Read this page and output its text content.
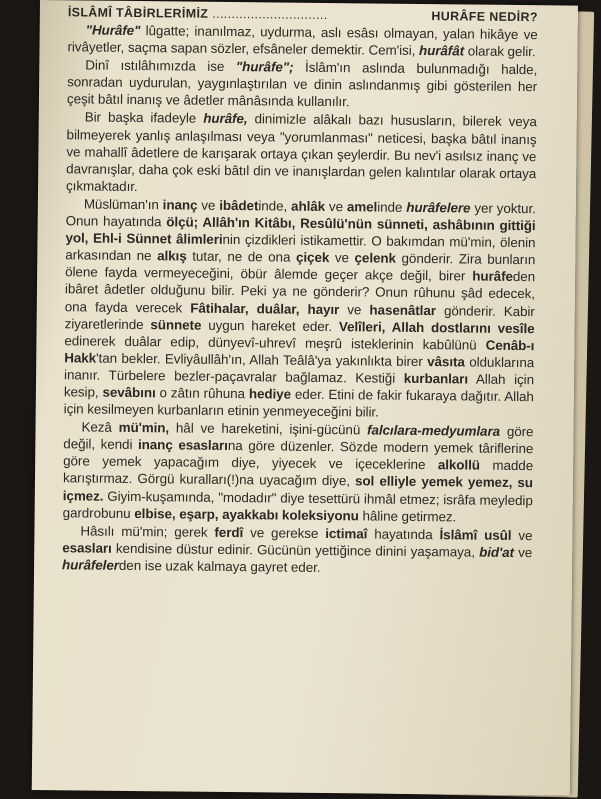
İSLÂMÎ TÂBİRLERİMİZ ..............................	HURÂFE NEDİR?

"Hurâfe" lûgatte; inanılmaz, uydurma, aslı esâsı olmayan, yalan hikâye ve rivâyetler, saçma sapan sözler, efsâneler demektir. Cem'isi, hurâfât olarak gelir.

Dinî ıstılâhımızda ise "hurâfe"; İslâm'ın aslında bulunmadığı halde, sonradan uydurulan, yaygınlaştırılan ve dinin aslındanmış gibi gösterilen her çeşit bâtıl inanış ve âdetler mânâsında kullanılır.

Bir başka ifadeyle hurâfe, dinimizle alâkalı bazı hususların, bilerek veya bilmeyerek yanlış anlaşılması veya "yorumlanması" neticesi, başka bâtıl inanış ve mahallî âdetlere de karışarak ortaya çıkan şeylerdir. Bu nev'i asılsız inanç ve davranışlar, daha çok eski bâtıl din ve inanışlardan gelen kalıntılar olarak ortaya çıkmaktadır.

Müslüman'ın inanç ve ibâdetinde, ahlâk ve amelinde hurâfelere yer yoktur. Onun hayatında ölçü; Allâh'ın Kitâbı, Resûlü'nün sünneti, ashâbının gittiği yol, Ehl-i Sünnet âlimlerinin çizdikleri istikamettir. O bakımdan mü'min, ölenin arkasından ne alkış tutar, ne de ona çiçek ve çelenk gönderir. Zira bunların ölene fayda vermeyeceğini, öbür âlemde geçer akçe değil, birer hurâfeden ibâret âdetler olduğunu bilir. Peki ya ne gönderir? Onun rûhunu şâd edecek, ona fayda verecek Fâtihalar, duâlar, hayır ve hasenâtlar gönderir. Kabir ziyaretlerinde sünnete uygun hareket eder. Velîleri, Allah dostlarını vesîle edinerek duâlar edip, dünyevî-uhrevî meşrû isteklerinin kabûlünü Cenâb-ı Hakk'tan bekler. Evliyâullâh'ın, Allah Teâlâ'ya yakınlıkta birer vâsıta olduklarına inanır. Türbelere bezler-paçavralar bağlamaz. Kestiği kurbanları Allah için kesip, sevâbını o zâtın rûhuna hediye eder. Etini de fakir fukaraya dağıtır. Allah için kesilmeyen kurbanların etinin yenmeyeceğini bilir.

Kezâ mü'min, hâl ve hareketini, işini-gücünü falcılara-medyumlara göre değil, kendi inanç esaslarına göre düzenler. Sözde modern yemek târiflerine göre yemek yapacağım diye, yiyecek ve içeceklerine alkollü madde karıştırmaz. Görgü kuralları(!)na uyacağım diye, sol elliyle yemek yemez, su içmez. Giyim-kuşamında, "modadır" diye tesettürü ihmâl etmez; isrâfa meyledip gardrobunu elbise, eşarp, ayakkabı koleksiyonu hâline getirmez.

Hâsılı mü'min; gerek ferdî ve gerekse ictimaî hayatında İslâmî usûl ve esasları kendisine düstur edinir. Gücünün yettiğince dinini yaşamaya, bid'at ve hurâfelerden ise uzak kalmaya gayret eder.
